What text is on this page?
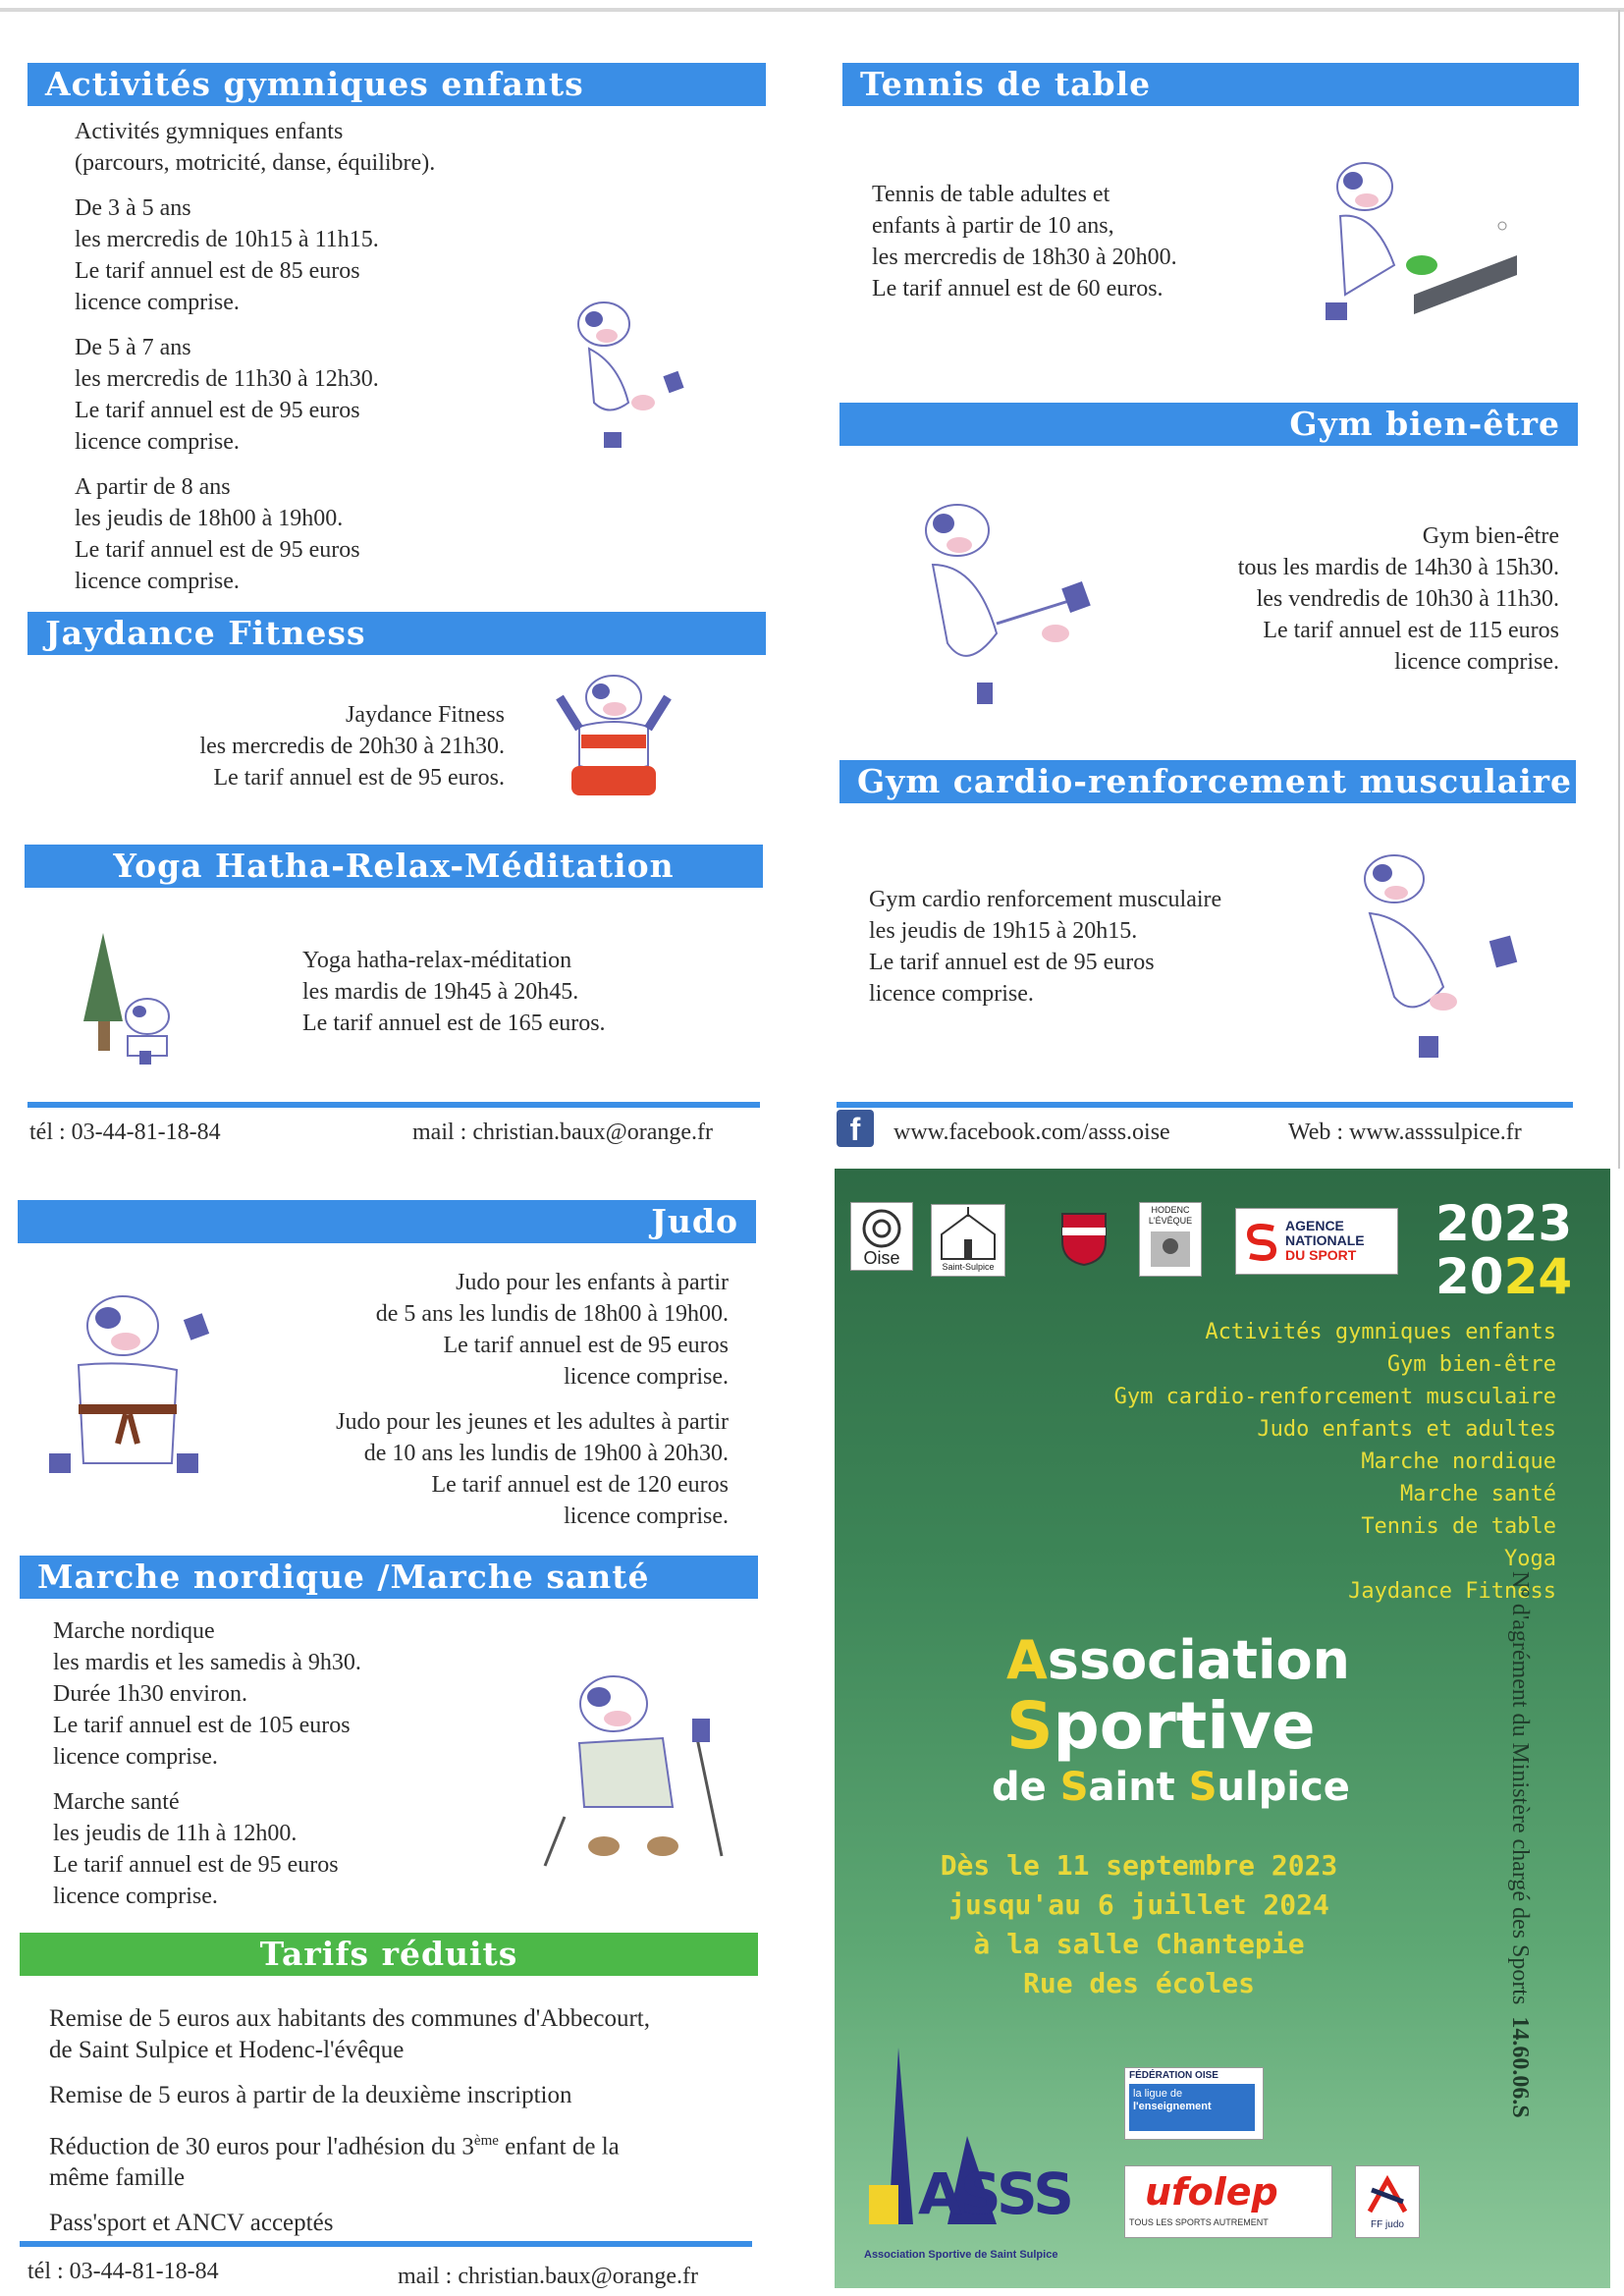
Activités gymniques enfants

Activités gymniques enfants

(parcours, motricité, danse, équilibre).

De 3 à 5 ans

les mercredis de 10h15 à 11h15.

Le tarif annuel est de 85 euros

licence comprise.

De 5 à 7 ans

les mercredis de 11h30 à 12h30.

Le tarif annuel est de 95 euros

licence comprise.

A partir de 8 ans

les jeudis de 18h00 à 19h00.

Le tarif annuel est de 95 euros

licence comprise.

Jaydance Fitness

Jaydance Fitness

les mercredis de 20h30 à 21h30.

Le tarif annuel est de 95 euros.

Yoga Hatha-Relax-Méditation

Yoga hatha-relax-méditation

les mardis de 19h45 à 20h45.

Le tarif annuel est de 165 euros.

tél : 03-44-81-18-84	mail : christian.baux@orange.fr
Tennis de table

Tennis de table adultes et

enfants à partir de 10 ans,

les mercredis de 18h30 à 20h00.

Le tarif annuel est de 60 euros.

Gym bien-être

Gym bien-être

tous les mardis de 14h30 à 15h30.

les vendredis de 10h30 à 11h30.

Le tarif annuel est de 115 euros

licence comprise.

Gym cardio-renforcement musculaire

Gym cardio renforcement musculaire

les jeudis de 19h15 à 20h15.

Le tarif annuel est de 95 euros

licence comprise.

f	www.facebook.com/asss.oise	Web : www.asssulpice.fr
Judo

Judo pour les enfants à partir

de 5 ans les lundis de 18h00 à 19h00.

Le tarif annuel est de 95 euros

licence comprise.

Judo pour les jeunes et les adultes à partir

de 10 ans les lundis de 19h00 à 20h30.

Le tarif annuel est de 120 euros

licence comprise.

Marche nordique /Marche santé

Marche nordique

les mardis et les samedis à 9h30.

Durée 1h30 environ.

Le tarif annuel est de 105 euros

licence comprise.

Marche santé

les jeudis de 11h à 12h00.

Le tarif annuel est de 95 euros

licence comprise.

Tarifs réduits

Remise de 5 euros aux habitants des communes d'Abbecourt,

de Saint Sulpice et Hodenc-l'évêque

Remise de 5 euros à partir de la deuxième inscription

Réduction de 30 euros pour l'adhésion du 3ème enfant de la

même famille

Pass'sport et ANCV acceptés

tél : 03-44-81-18-84	mail : christian.baux@orange.fr
Oise	Saint-Sulpice
HODENC L'ÉVÊQUE	AGENCE
NATIONALE
DU SPORT
2023
2024
Activités gymniques enfants
Gym bien-être
Gym cardio-renforcement musculaire
Judo enfants et adultes
Marche nordique
Marche santé
Tennis de table
Yoga
Jaydance Fitness
Association
Sportive
de Saint Sulpice
Dès le 11 septembre 2023
jusqu'au 6 juillet 2024
à la salle Chantepie
Rue des écoles
ASSS
Association Sportive de Saint Sulpice
FÉDÉRATION OISE
la ligue de
l'enseignement
ufolep
TOUS LES SPORTS AUTREMENT	FF judo
N° d'agrément du Ministère chargé des Sports  14.60.06.S
